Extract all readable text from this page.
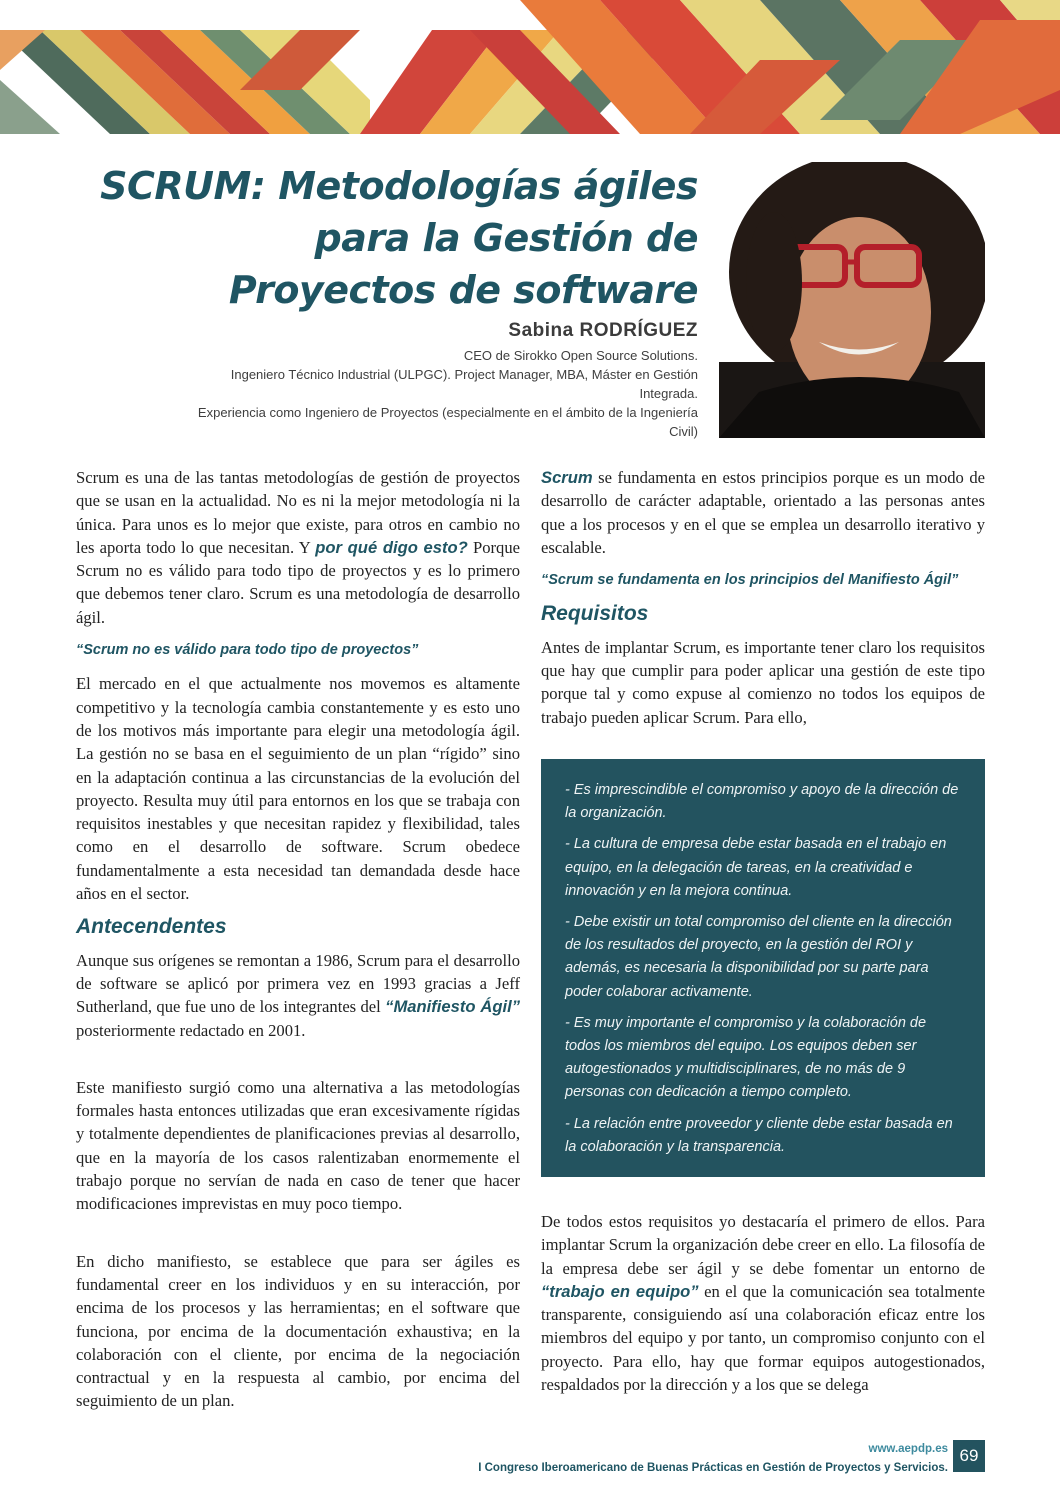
SCRUM: Metodologías ágiles
para la Gestión de
Proyectos de software
Sabina RODRÍGUEZ

CEO de Sirokko Open Source Solutions.

Ingeniero Técnico Industrial (ULPGC). Project Manager, MBA, Máster en Gestión Integrada.

Experiencia como Ingeniero de Proyectos (especialmente en el ámbito de la Ingeniería Civil)

Scrum es una de las tantas metodologías de gestión de proyectos que se usan en la actualidad. No es ni la mejor metodología ni la única. Para unos es lo mejor que existe, para otros en cambio no les aporta todo lo que necesitan. Y por qué digo esto? Porque Scrum no es válido para todo tipo de proyectos y es lo primero que debemos tener claro. Scrum es una metodología de desarrollo ágil.

“Scrum no es válido para todo tipo de proyectos”

El mercado en el que actualmente nos movemos es altamente competitivo y la tecnología cambia constantemente y es esto uno de los motivos más importante para elegir una metodología ágil. La gestión no se basa en el seguimiento de un plan “rígido” sino en la adaptación continua a las circunstancias de la evolución del proyecto. Resulta muy útil para entornos en los que se trabaja con requisitos inestables y que necesitan rapidez y flexibilidad, tales como en el desarrollo de software. Scrum obedece fundamentalmente a esta necesidad tan demandada desde hace años en el sector.

Antecendentes

Aunque sus orígenes se remontan a 1986, Scrum para el desarrollo de software se aplicó por primera vez en 1993 gracias a Jeff Sutherland, que fue uno de los integrantes del “Manifiesto Ágil” posteriormente redactado en 2001.

Este manifiesto surgió como una alternativa a las metodologías formales hasta entonces utilizadas que eran excesivamente rígidas y totalmente dependientes de planificaciones previas al desarrollo, que en la mayoría de los casos ralentizaban enormemente el trabajo porque no servían de nada en caso de tener que hacer modificaciones imprevistas en muy poco tiempo.

En dicho manifiesto, se establece que para ser ágiles es fundamental creer en los individuos y en su interacción, por encima de los procesos y las herramientas; en el software que funciona, por encima de la documentación exhaustiva; en la colaboración con el cliente, por encima de la negociación contractual y en la respuesta al cambio, por encima del seguimiento de un plan.

Scrum se fundamenta en estos principios porque es un modo de desarrollo de carácter adaptable, orientado a las personas antes que a los procesos y en el que se emplea un desarrollo iterativo y escalable.

“Scrum se fundamenta en los principios del Manifiesto Ágil”

Requisitos

Antes de implantar Scrum, es importante tener claro los requisitos que hay que cumplir para poder aplicar una gestión de este tipo porque tal y como expuse al comienzo no todos los equipos de trabajo pueden aplicar Scrum. Para ello,

- Es imprescindible el compromiso y apoyo de la dirección de la organización.

- La cultura de empresa debe estar basada en el trabajo en equipo, en la delegación de tareas, en la creatividad e innovación y en la mejora continua.

- Debe existir un total compromiso del cliente en la dirección de los resultados del proyecto, en la gestión del ROI y además, es necesaria la disponibilidad por su parte para poder colaborar activamente.

- Es muy importante el compromiso y la colaboración de todos los miembros del equipo. Los equipos deben ser autogestionados y multidisciplinares, de no más de 9 personas con dedicación a tiempo completo.

- La relación entre proveedor y cliente debe estar basada en la colaboración y la transparencia.

De todos estos requisitos yo destacaría el primero de ellos. Para implantar Scrum la organización debe creer en ello. La filosofía de la empresa debe ser ágil y se debe fomentar un entorno de “trabajo en equipo” en el que la comunicación sea totalmente transparente, consiguiendo así una colaboración eficaz entre los miembros del equipo y por tanto, un compromiso conjunto con el proyecto. Para ello, hay que formar equipos autogestionados, respaldados por la dirección y a los que se delega

www.aepdp.es
I Congreso Iberoamericano de Buenas Prácticas en Gestión de Proyectos y Servicios.
69
